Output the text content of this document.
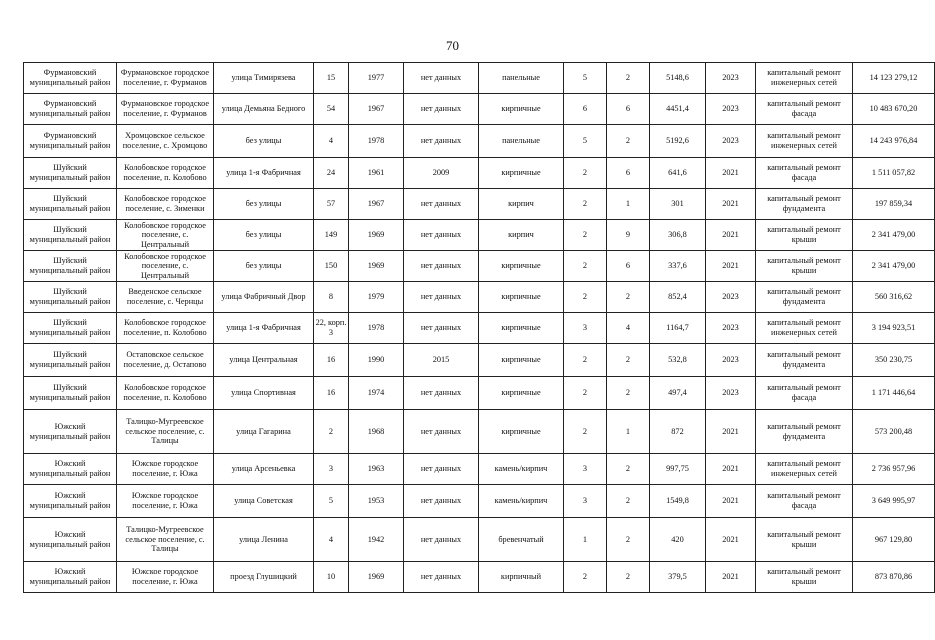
70
Фурмановский муниципальный район	Фурмановское городское поселение, г. Фурманов	улица Тимирязева	15	1977	нет данных	панельные	5	2	5148,6	2023	капитальный ремонт инженерных сетей	14 123 279,12
Фурмановский муниципальный район	Фурмановское городское поселение, г. Фурманов	улица Демьяна Бедного	54	1967	нет данных	кирпичные	6	6	4451,4	2023	капитальный ремонт фасада	10 483 670,20
Фурмановский муниципальный район	Хромцовское сельское поселение, с. Хромцово	без улицы	4	1978	нет данных	панельные	5	2	5192,6	2023	капитальный ремонт инженерных сетей	14 243 976,84
Шуйский муниципальный район	Колобовское городское поселение, п. Колобово	улица 1-я Фабричная	24	1961	2009	кирпичные	2	6	641,6	2021	капитальный ремонт фасада	1 511 057,82
Шуйский муниципальный район	Колобовское городское поселение, с. Зименки	без улицы	57	1967	нет данных	кирпич	2	1	301	2021	капитальный ремонт фундамента	197 859,34
Шуйский муниципальный район	Колобовское городское поселение, с. Центральный	без улицы	149	1969	нет данных	кирпич	2	9	306,8	2021	капитальный ремонт крыши	2 341 479,00
Шуйский муниципальный район	Колобовское городское поселение, с. Центральный	без улицы	150	1969	нет данных	кирпичные	2	6	337,6	2021	капитальный ремонт крыши	2 341 479,00
Шуйский муниципальный район	Введенское сельское поселение, с. Чернцы	улица Фабричный Двор	8	1979	нет данных	кирпичные	2	2	852,4	2023	капитальный ремонт фундамента	560 316,62
Шуйский муниципальный район	Колобовское городское поселение, п. Колобово	улица 1-я Фабричная	22, корп. 3	1978	нет данных	кирпичные	3	4	1164,7	2023	капитальный ремонт инженерных сетей	3 194 923,51
Шуйский муниципальный район	Остаповское сельское поселение, д. Остапово	улица Центральная	16	1990	2015	кирпичные	2	2	532,8	2023	капитальный ремонт фундамента	350 230,75
Шуйский муниципальный район	Колобовское городское поселение, п. Колобово	улица Спортивная	16	1974	нет данных	кирпичные	2	2	497,4	2023	капитальный ремонт фасада	1 171 446,64
Южский муниципальный район	Талицко-Мугреевское сельское поселение, с. Талицы	улица Гагарина	2	1968	нет данных	кирпичные	2	1	872	2021	капитальный ремонт фундамента	573 200,48
Южский муниципальный район	Южское городское поселение, г. Южа	улица Арсеньевка	3	1963	нет данных	камень/кирпич	3	2	997,75	2021	капитальный ремонт инженерных сетей	2 736 957,96
Южский муниципальный район	Южское городское поселение, г. Южа	улица Советская	5	1953	нет данных	камень/кирпич	3	2	1549,8	2021	капитальный ремонт фасада	3 649 995,97
Южский муниципальный район	Талицко-Мугреевское сельское поселение, с. Талицы	улица Ленина	4	1942	нет данных	бревенчатый	1	2	420	2021	капитальный ремонт крыши	967 129,80
Южский муниципальный район	Южское городское поселение, г. Южа	проезд Глушицкий	10	1969	нет данных	кирпичный	2	2	379,5	2021	капитальный ремонт крыши	873 870,86
